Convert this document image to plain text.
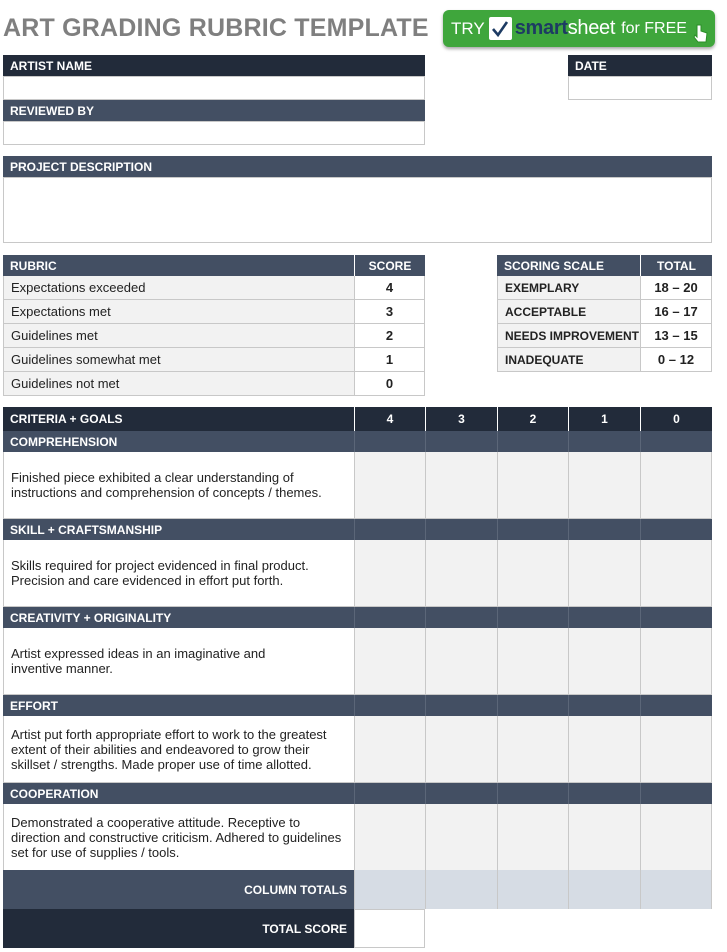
ART GRADING RUBRIC TEMPLATE TRY smartsheet for FREE
ARTIST NAME	DATE
REVIEWED BY
PROJECT DESCRIPTION
RUBRIC	SCORE
Expectations exceeded	4
Expectations met	3
Guidelines met	2
Guidelines somewhat met	1
Guidelines not met	0
SCORING SCALE	TOTAL
EXEMPLARY	18 – 20
ACCEPTABLE	16 – 17
NEEDS IMPROVEMENT	13 – 15
INADEQUATE	0 – 12
CRITERIA + GOALS	4	3	2	1	0
COMPREHENSION
Finished piece exhibited a clear understanding of
instructions and comprehension of concepts / themes.
SKILL + CRAFTSMANSHIP
Skills required for project evidenced in final product.
Precision and care evidenced in effort put forth.
CREATIVITY + ORIGINALITY
Artist expressed ideas in an imaginative and
inventive manner.
EFFORT
Artist put forth appropriate effort to work to the greatest
extent of their abilities and endeavored to grow their
skillset / strengths. Made proper use of time allotted.
COOPERATION
Demonstrated a cooperative attitude. Receptive to
direction and constructive criticism. Adhered to guidelines
set for use of supplies / tools.
COLUMN TOTALS
TOTAL SCORE
